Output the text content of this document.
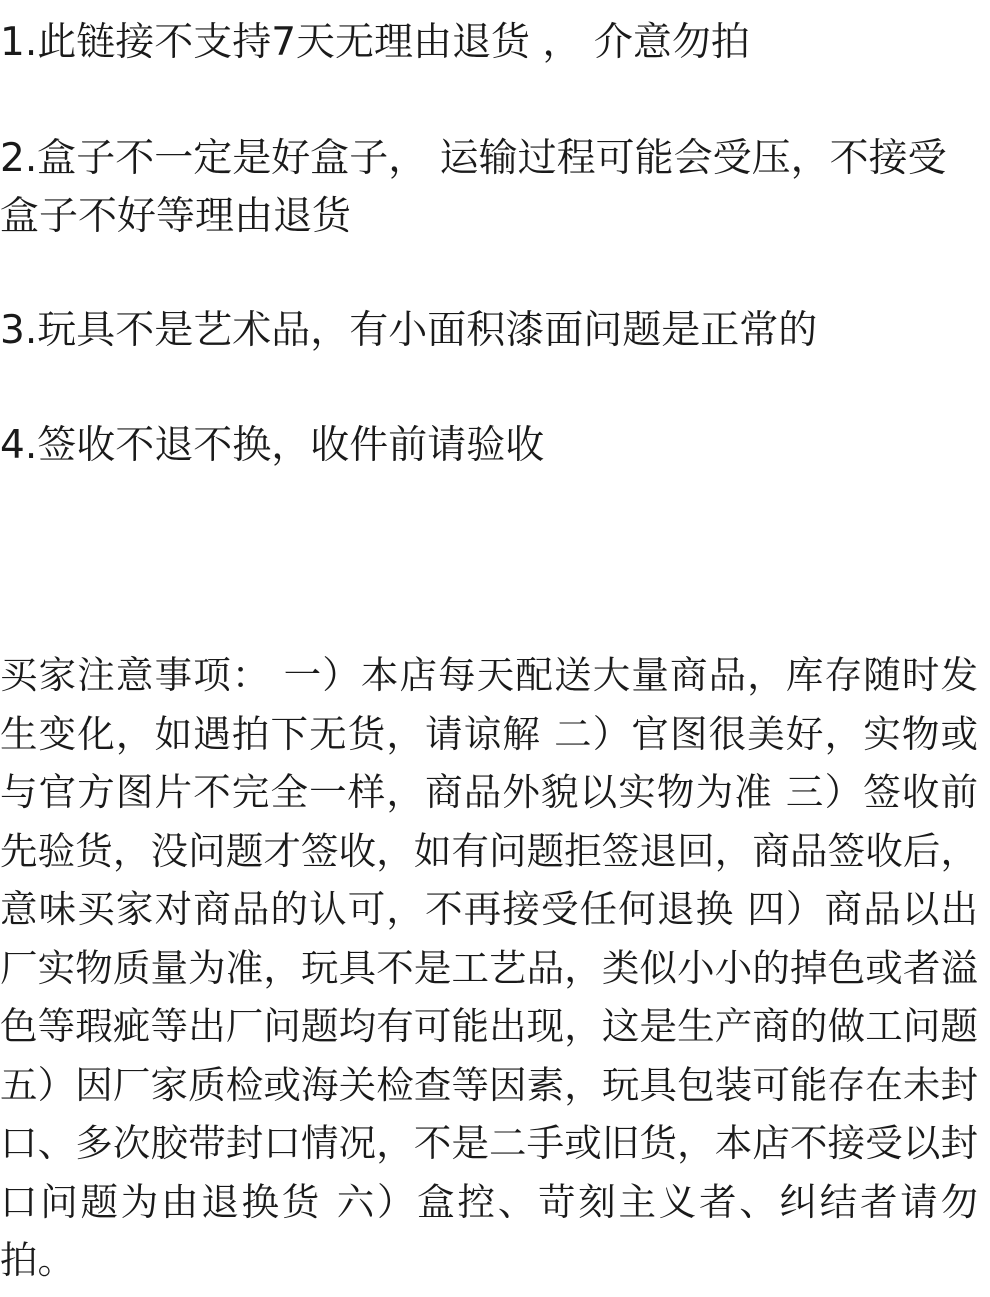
1.此链接不支持7天无理由退货 ， 介意勿拍

2.盒子不一定是好盒子， 运输过程可能会受压，不接受盒子不好等理由退货

3.玩具不是艺术品，有小面积漆面问题是正常的

4.签收不退不换，收件前请验收

买家注意事项： 一）本店每天配送大量商品，库存随时发生变化，如遇拍下无货，请谅解 二）官图很美好，实物或与官方图片不完全一样，商品外貌以实物为准 三）签收前先验货，没问题才签收，如有问题拒签退回，商品签收后，意味买家对商品的认可，不再接受任何退换 四）商品以出厂实物质量为准，玩具不是工艺品，类似小小的掉色或者溢色等瑕疵等出厂问题均有可能出现，这是生产商的做工问题 五）因厂家质检或海关检查等因素，玩具包装可能存在未封口、多次胶带封口情况，不是二手或旧货，本店不接受以封口问题为由退换货 六）盒控、苛刻主义者、纠结者请勿拍。
